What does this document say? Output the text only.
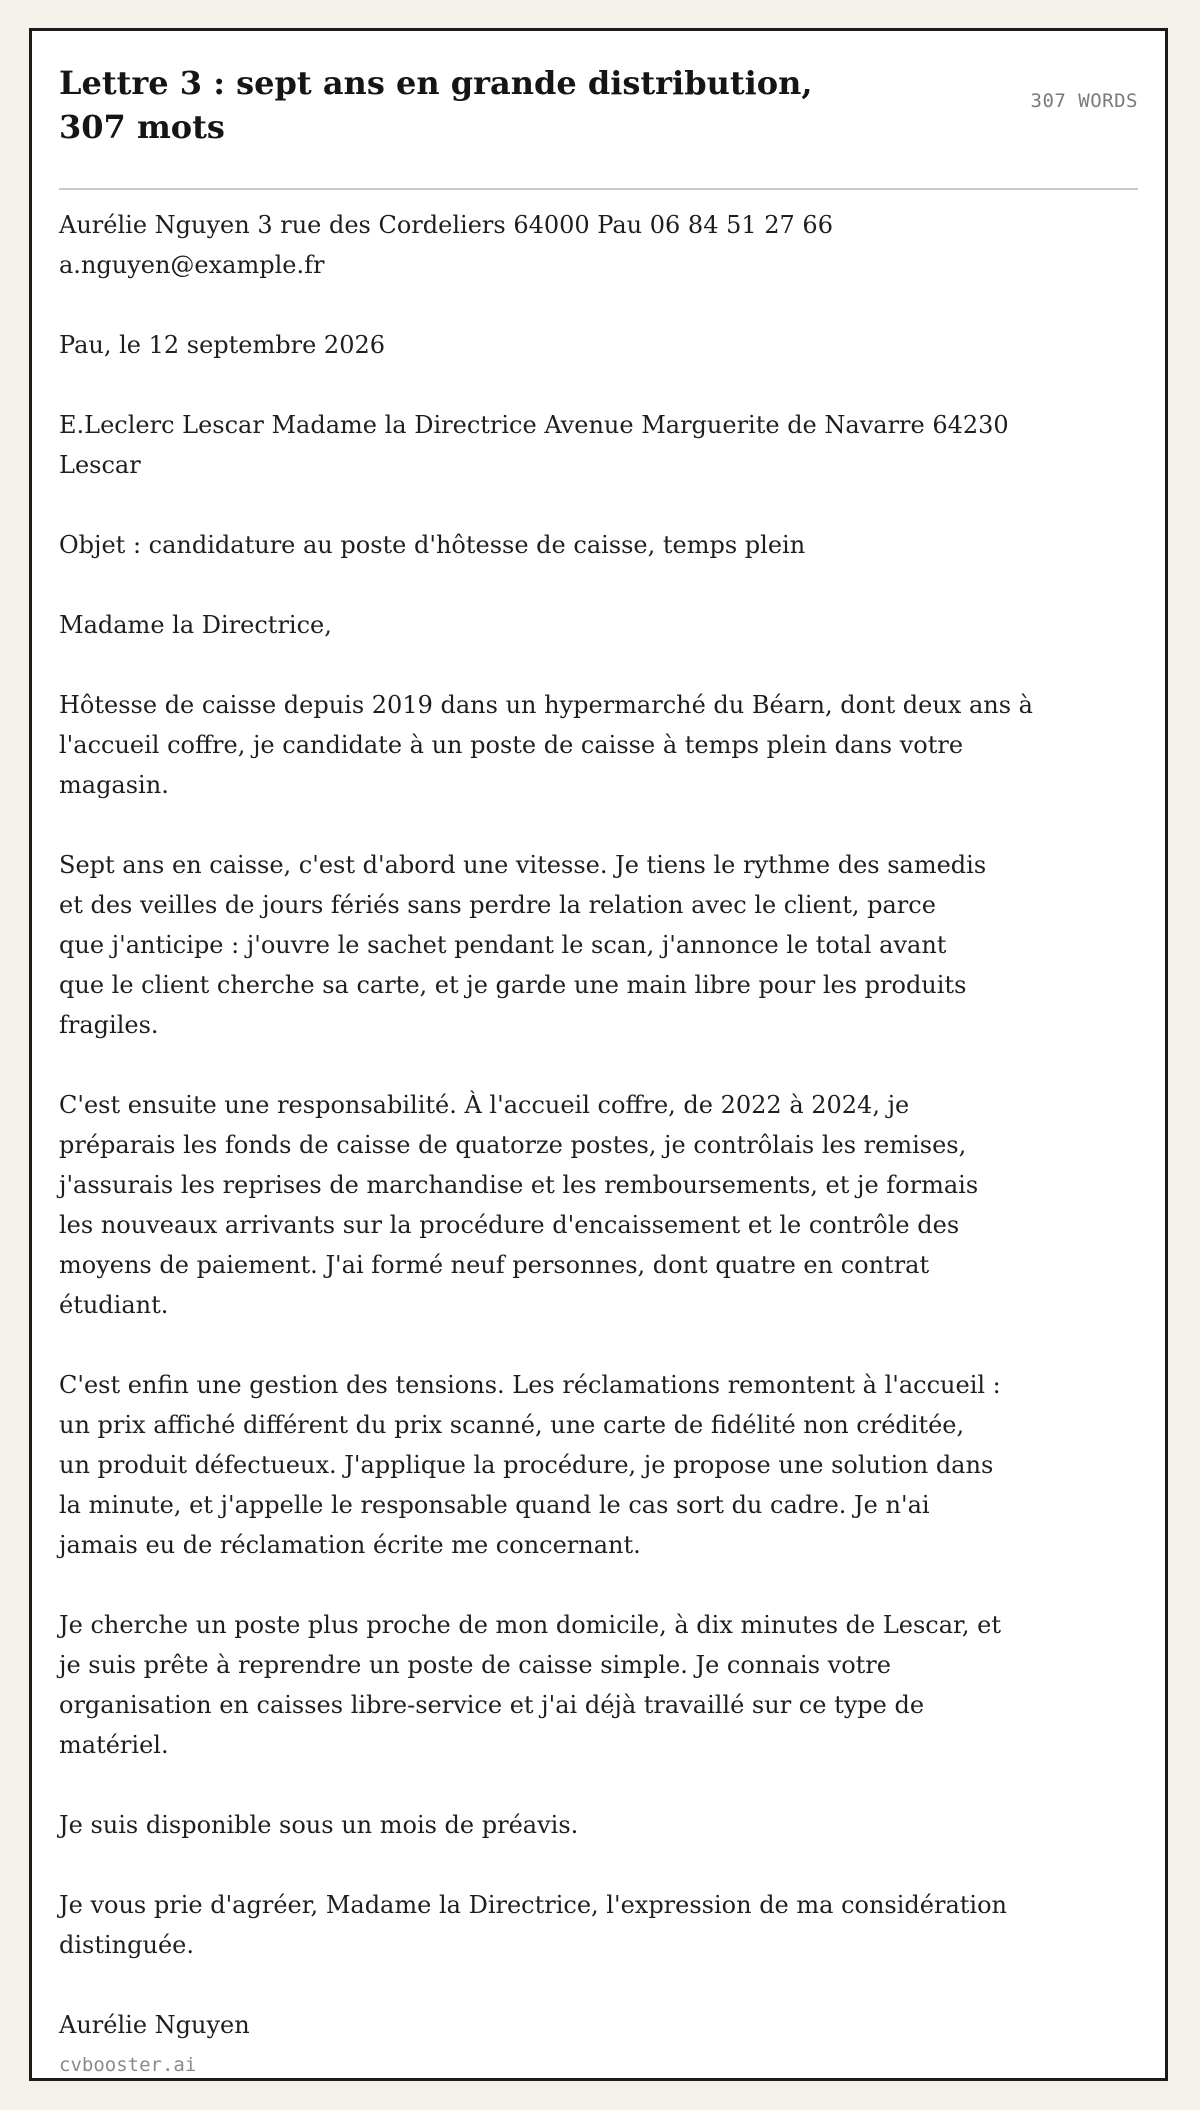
Lettre 3 : sept ans en grande distribution,
307 mots
307 WORDS

Aurélie Nguyen 3 rue des Cordeliers 64000 Pau 06 84 51 27 66
a.nguyen@example.fr

Pau, le 12 septembre 2026

E.Leclerc Lescar Madame la Directrice Avenue Marguerite de Navarre 64230
Lescar

Objet : candidature au poste d'hôtesse de caisse, temps plein

Madame la Directrice,

Hôtesse de caisse depuis 2019 dans un hypermarché du Béarn, dont deux ans à
l'accueil coffre, je candidate à un poste de caisse à temps plein dans votre
magasin.

Sept ans en caisse, c'est d'abord une vitesse. Je tiens le rythme des samedis
et des veilles de jours fériés sans perdre la relation avec le client, parce
que j'anticipe : j'ouvre le sachet pendant le scan, j'annonce le total avant
que le client cherche sa carte, et je garde une main libre pour les produits
fragiles.

C'est ensuite une responsabilité. À l'accueil coffre, de 2022 à 2024, je
préparais les fonds de caisse de quatorze postes, je contrôlais les remises,
j'assurais les reprises de marchandise et les remboursements, et je formais
les nouveaux arrivants sur la procédure d'encaissement et le contrôle des
moyens de paiement. J'ai formé neuf personnes, dont quatre en contrat
étudiant.

C'est enfin une gestion des tensions. Les réclamations remontent à l'accueil :
un prix affiché différent du prix scanné, une carte de fidélité non créditée,
un produit défectueux. J'applique la procédure, je propose une solution dans
la minute, et j'appelle le responsable quand le cas sort du cadre. Je n'ai
jamais eu de réclamation écrite me concernant.

Je cherche un poste plus proche de mon domicile, à dix minutes de Lescar, et
je suis prête à reprendre un poste de caisse simple. Je connais votre
organisation en caisses libre-service et j'ai déjà travaillé sur ce type de
matériel.

Je suis disponible sous un mois de préavis.

Je vous prie d'agréer, Madame la Directrice, l'expression de ma considération
distinguée.

Aurélie Nguyen

cvbooster.ai
